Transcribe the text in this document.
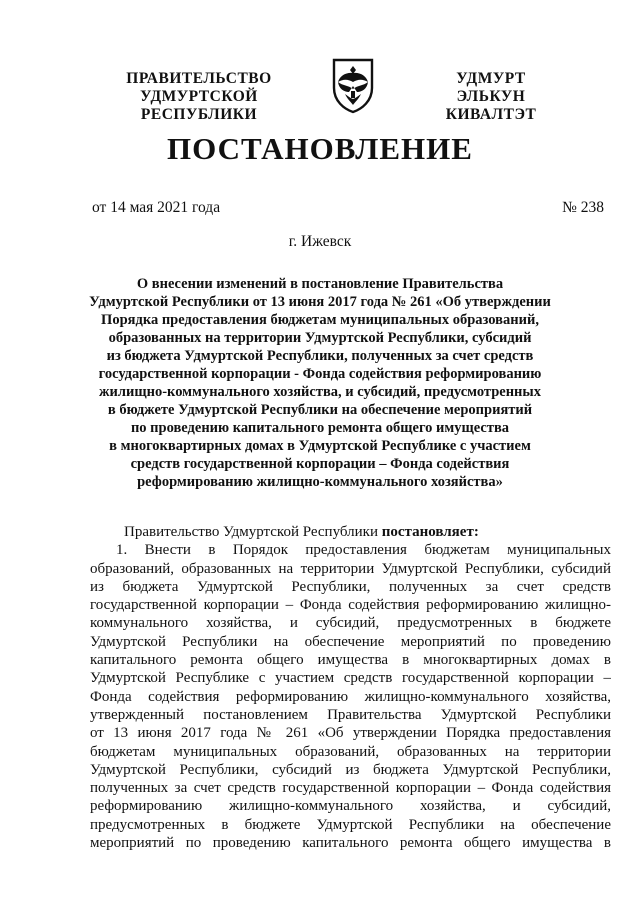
ПРАВИТЕЛЬСТВО
УДМУРТСКОЙ РЕСПУБЛИКИ
УДМУРТ ЭЛЬКУН
КИВАЛТЭТ
ПОСТАНОВЛЕНИЕ
от 14 мая 2021 года	№ 238
г. Ижевск
О внесении изменений в постановление Правительства
Удмуртской Республики от 13 июня 2017 года № 261 «Об утверждении
Порядка предоставления бюджетам муниципальных образований,
образованных на территории Удмуртской Республики, субсидий
из бюджета Удмуртской Республики, полученных за счет средств
государственной корпорации - Фонда содействия реформированию
жилищно-коммунального хозяйства, и субсидий, предусмотренных
в бюджете Удмуртской Республики на обеспечение мероприятий
по проведению капитального ремонта общего имущества
в многоквартирных домах в Удмуртской Республике с участием
средств государственной корпорации – Фонда содействия
реформированию жилищно-коммунального хозяйства»
Правительство Удмуртской Республики постановляет:
1. Внести в Порядок предоставления бюджетам муниципальных
образований, образованных на территории Удмуртской Республики, субсидий
из бюджета Удмуртской Республики, полученных за счет средств
государственной корпорации – Фонда содействия реформированию жилищно-
коммунального хозяйства, и субсидий, предусмотренных в бюджете
Удмуртской Республики на обеспечение мероприятий по проведению
капитального ремонта общего имущества в многоквартирных домах в
Удмуртской Республике с участием средств государственной корпорации –
Фонда содействия реформированию жилищно-коммунального хозяйства,
утвержденный постановлением Правительства Удмуртской Республики
от 13 июня 2017 года № 261 «Об утверждении Порядка предоставления
бюджетам муниципальных образований, образованных на территории
Удмуртской Республики, субсидий из бюджета Удмуртской Республики,
полученных за счет средств государственной корпорации – Фонда содействия
реформированию жилищно-коммунального хозяйства, и субсидий,
предусмотренных в бюджете Удмуртской Республики на обеспечение
мероприятий по проведению капитального ремонта общего имущества в
